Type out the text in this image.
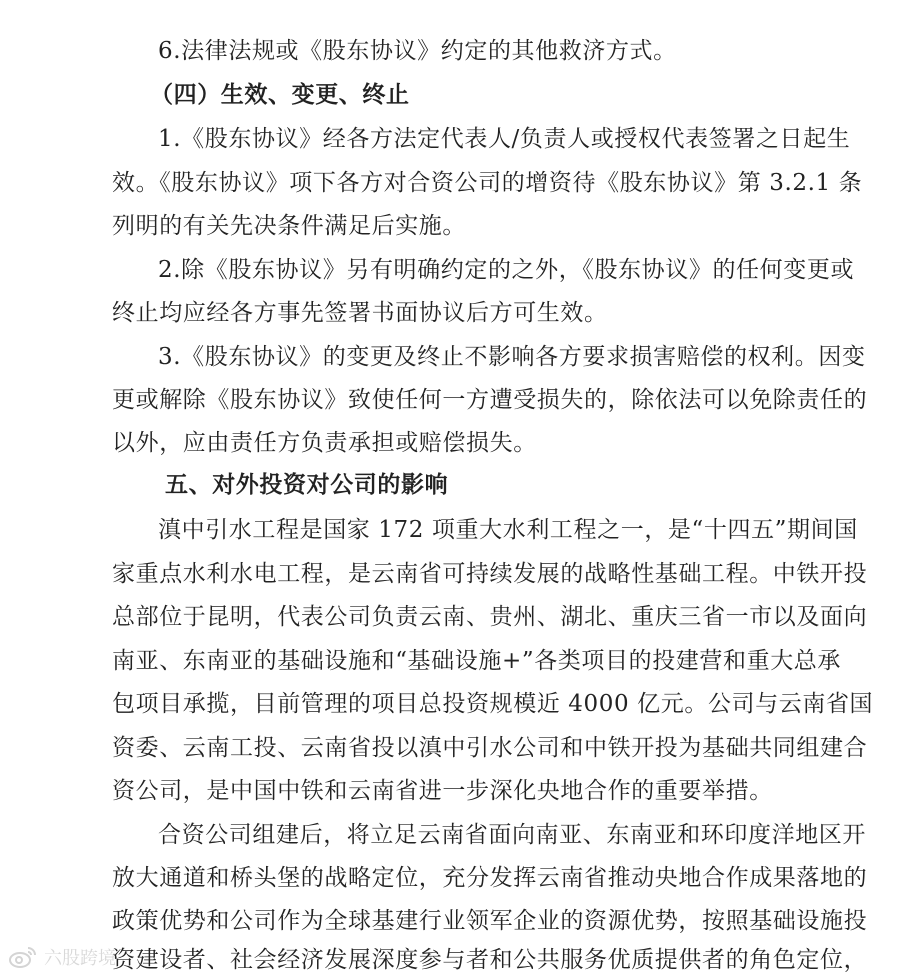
6.法律法规或《股东协议》约定的其他救济方式。
（四）生效、变更、终止
1.《股东协议》经各方法定代表人/负责人或授权代表签署之日起生
效。《股东协议》项下各方对合资公司的增资待《股东协议》第 3.2.1 条
列明的有关先决条件满足后实施。
2.除《股东协议》另有明确约定的之外，《股东协议》的任何变更或
终止均应经各方事先签署书面协议后方可生效。
3.《股东协议》的变更及终止不影响各方要求损害赔偿的权利。因变
更或解除《股东协议》致使任何一方遭受损失的，除依法可以免除责任的
以外，应由责任方负责承担或赔偿损失。
五、对外投资对公司的影响
滇中引水工程是国家 172 项重大水利工程之一，是“十四五”期间国
家重点水利水电工程，是云南省可持续发展的战略性基础工程。中铁开投
总部位于昆明，代表公司负责云南、贵州、湖北、重庆三省一市以及面向
南亚、东南亚的基础设施和“基础设施+”各类项目的投建营和重大总承
包项目承揽，目前管理的项目总投资规模近 4000 亿元。公司与云南省国
资委、云南工投、云南省投以滇中引水公司和中铁开投为基础共同组建合
资公司，是中国中铁和云南省进一步深化央地合作的重要举措。
合资公司组建后，将立足云南省面向南亚、东南亚和环印度洋地区开
放大通道和桥头堡的战略定位，充分发挥云南省推动央地合作成果落地的
政策优势和公司作为全球基建行业领军企业的资源优势，按照基础设施投
资建设者、社会经济发展深度参与者和公共服务优质提供者的角色定位，
六股跨境
